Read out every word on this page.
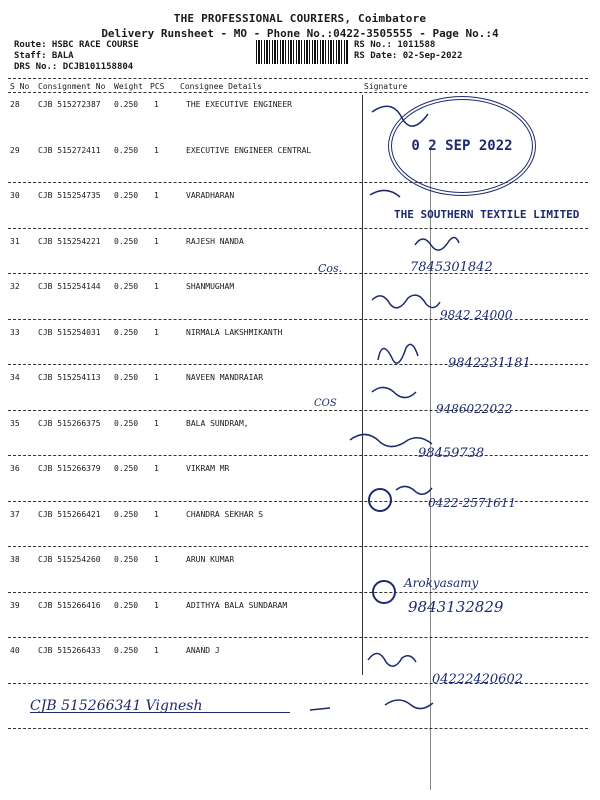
THE PROFESSIONAL COURIERS, Coimbatore
Delivery Runsheet - MO - Phone No.:0422-3505555 - Page No.:4
Route: HSBC RACE COURSE
Staff: BALA
DRS No.: DCJB101158804
RS No.: 1011588
RS Date: 02-Sep-2022
S No Consignment No Weight PCS Consignee Details	Signature
28 CJB 515272387 0.250 1	THE EXECUTIVE ENGINEER
29 CJB 515272411 0.250 1	EXECUTIVE ENGINEER CENTRAL
30 CJB 515254735 0.250 1	VARADHARAN
31 CJB 515254221 0.250 1	RAJESH NANDA
32 CJB 515254144 0.250 1	SHANMUGHAM
33 CJB 515254031 0.250 1	NIRMALA LAKSHMIKANTH
34 CJB 515254113 0.250 1	NAVEEN MANDRAIAR
35 CJB 515266375 0.250 1	BALA SUNDRAM,
36 CJB 515266379 0.250 1	VIKRAM MR
37 CJB 515266421 0.250 1	CHANDRA SEKHAR S
38 CJB 515254260 0.250 1	ARUN KUMAR
39 CJB 515266416 0.250 1	ADITHYA BALA SUNDARAM
40 CJB 515266433 0.250 1	ANAND J
0 2 SEP 2022
THE SOUTHERN TEXTILE LIMITED
Cos.	7845301842
9842 24000
9842231181
COS	9486022022
98459738
0422-2571611
Arokyasamy
9843132829
04222420602
CJB 515266341 Vignesh
